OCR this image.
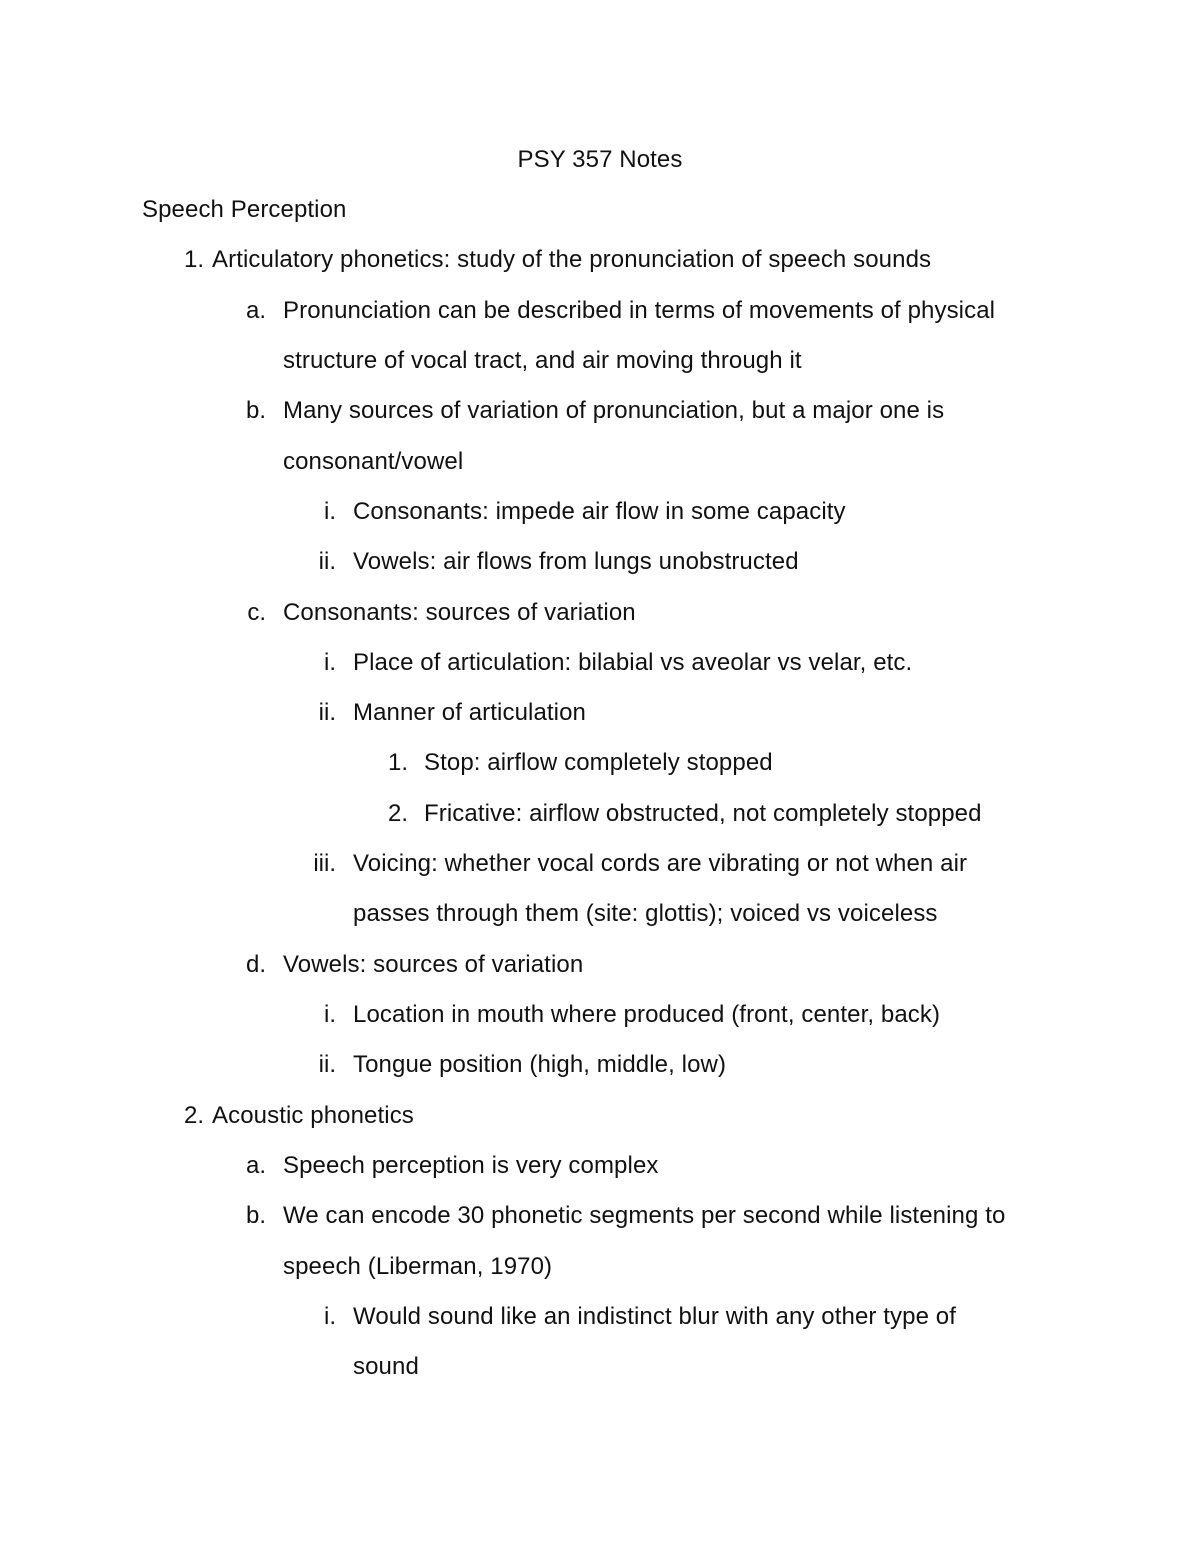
PSY 357 Notes
Speech Perception
1. Articulatory phonetics: study of the pronunciation of speech sounds
a. Pronunciation can be described in terms of movements of physical
structure of vocal tract, and air moving through it
b. Many sources of variation of pronunciation, but a major one is
consonant/vowel
i. Consonants: impede air flow in some capacity
ii. Vowels: air flows from lungs unobstructed
c. Consonants: sources of variation
i. Place of articulation: bilabial vs aveolar vs velar, etc.
ii. Manner of articulation
1. Stop: airflow completely stopped
2. Fricative: airflow obstructed, not completely stopped
iii. Voicing: whether vocal cords are vibrating or not when air
passes through them (site: glottis); voiced vs voiceless
d. Vowels: sources of variation
i. Location in mouth where produced (front, center, back)
ii. Tongue position (high, middle, low)
2. Acoustic phonetics
a. Speech perception is very complex
b. We can encode 30 phonetic segments per second while listening to
speech (Liberman, 1970)
i. Would sound like an indistinct blur with any other type of
sound
